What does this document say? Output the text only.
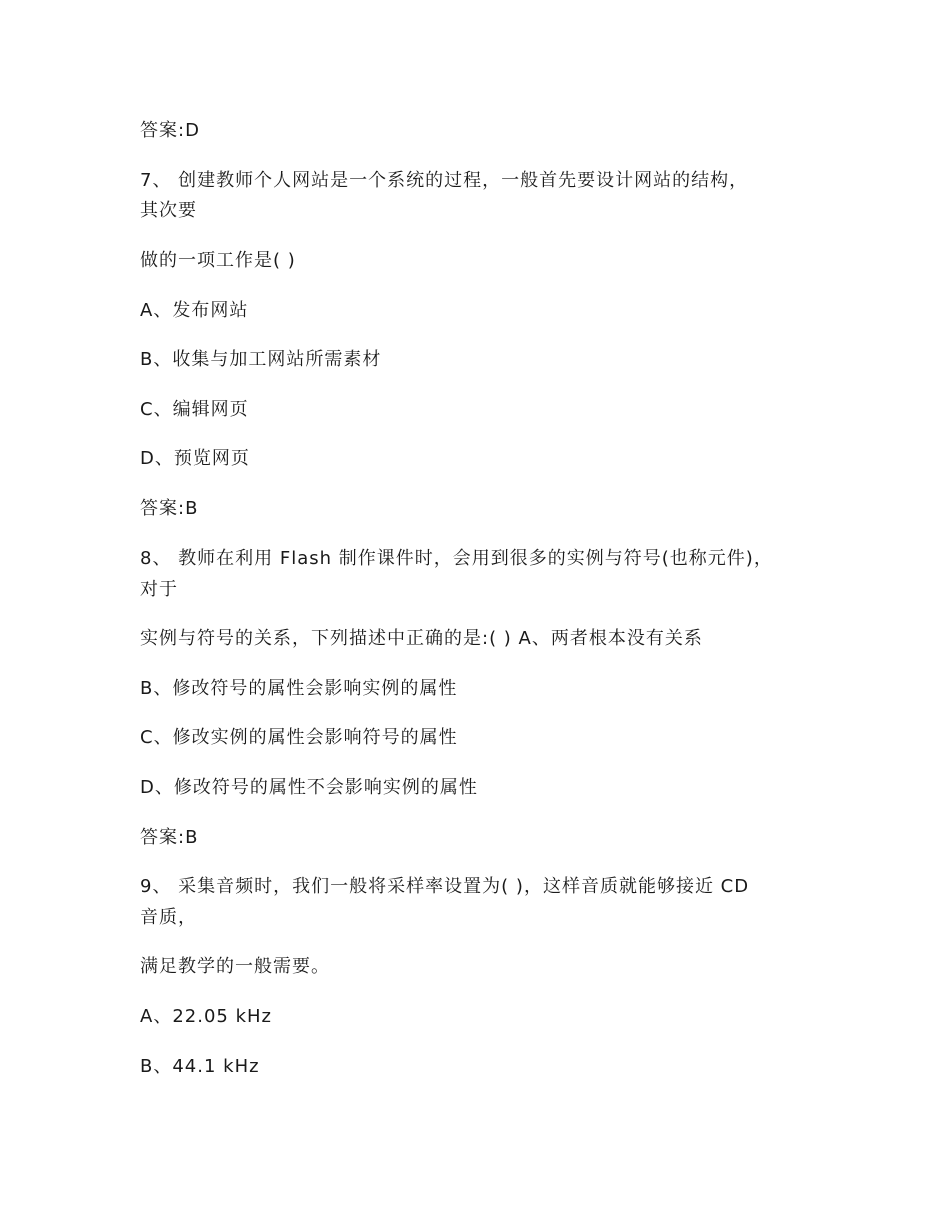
答案:D
7、 创建教师个人网站是一个系统的过程，一般首先要设计网站的结构，
其次要
做的一项工作是( )
A、发布网站
B、收集与加工网站所需素材
C、编辑网页
D、预览网页
答案:B
8、 教师在利用 Flash 制作课件时，会用到很多的实例与符号(也称元件)，
对于
实例与符号的关系，下列描述中正确的是:( ) A、两者根本没有关系
B、修改符号的属性会影响实例的属性
C、修改实例的属性会影响符号的属性
D、修改符号的属性不会影响实例的属性
答案:B
9、 采集音频时，我们一般将采样率设置为( )，这样音质就能够接近 CD
音质，
满足教学的一般需要。
A、22.05 kHz
B、44.1 kHz
